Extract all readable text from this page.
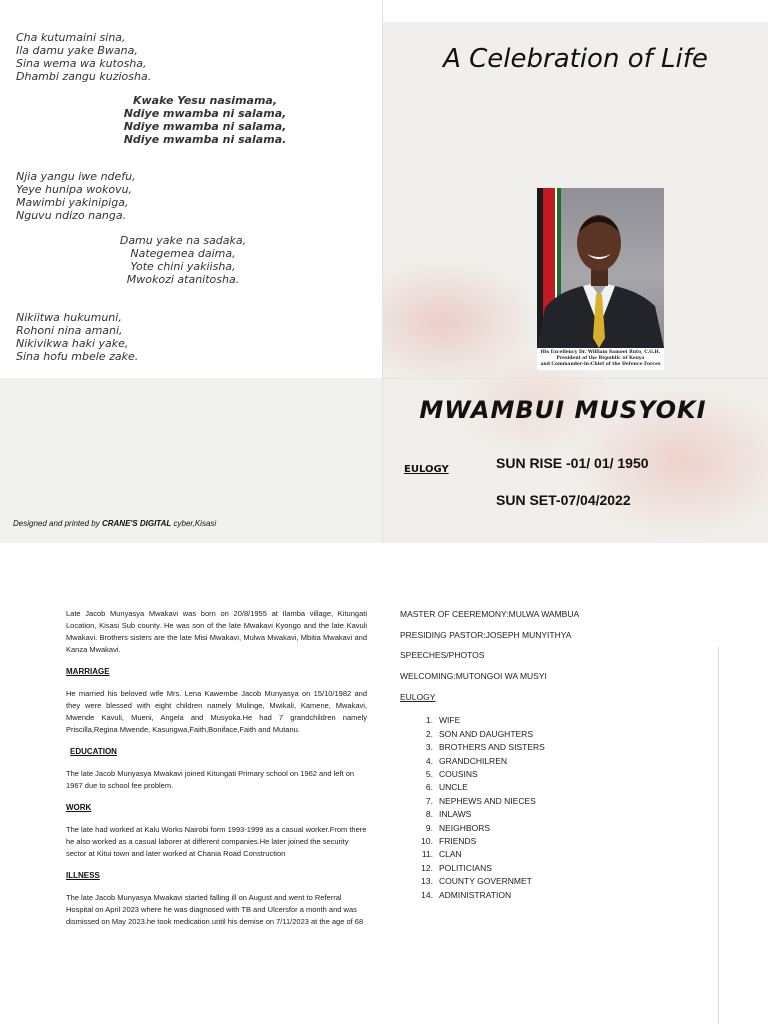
Cha kutumaini sina,
Ila damu yake Bwana,
Sina wema wa kutosha,
Dhambi zangu kuziosha.
Kwake Yesu nasimama,
Ndiye mwamba ni salama,
Ndiye mwamba ni salama,
Ndiye mwamba ni salama.
Njia yangu iwe ndefu,
Yeye hunipa wokovu,
Mawimbi yakinipiga,
Nguvu ndizo nanga.
Damu yake na sadaka,
Nategemea daima,
Yote chini yakiisha,
Mwokozi atanitosha.
Nikiitwa hukumuni,
Rohoni nina amani,
Nikivikwa haki yake,
Sina hofu mbele zake.
Designed and printed by CRANE'S DIGITAL cyber,Kisasi
A Celebration of Life
His Excellency Dr. William Samoei Ruto, C.G.H.
President of the Republic of Kenya
and Commander-in-Chief of the Defence Forces
MWAMBUI MUSYOKI
EULOGY	SUN RISE -01/ 01/ 1950
SUN SET-07/04/2022

Late Jacob Munyasya Mwakavi was born on 20/8/1955 at Ilamba village, Kitungati Location, Kisasi Sub county. He was son of the late Mwakavi Kyongo and the late Kavuli Mwakavi. Brothers sisters are the late Misi Mwakavi, Mulwa Mwakavi, Mbitia Mwakavi and Kanza Mwakavi.

MARRIAGE

He married his beloved wife Mrs. Lena Kawembe Jacob Munyasya on 15/10/1982 and they were blessed with eight children namely Mulinge, Mwikali, Kamene, Mwakavi, Mwende Kavuli, Mueni, Angela and Musyoka.He had 7 grandchildren namely Priscilla,Regina Mwende, Kasungwa,Faith,Boniface,Faith and Mutanu.

EDUCATION

The late Jacob Munyasya Mwakavi joined Kitungati Primary school on 1962 and left on 1967 due to school fee problem.

WORK

The late had worked at Kalu Works Nairobi form 1993-1999 as a casual worker.From there he also worked as a casual laborer at different companies.He later joined the security sector at Kitui town and later worked at Chania Road Construction

ILLNESS

The late Jacob Munyasya Mwakavi started falling ill on August and went to Referral Hospital on April 2023 where he was diagnosed with TB and Ulcersfor a month and was dismissed on May 2023.he took medication until his demise on 7/11/2023 at the age of 68

MASTER OF CEEREMONY:MULWA WAMBUA
PRESIDING PASTOR:JOSEPH MUNYITHYA
SPEECHES/PHOTOS
WELCOMING:MUTONGOI WA MUSYI
EULOGY
1. WIFE
2. SON AND DAUGHTERS
3. BROTHERS AND SISTERS
4. GRANDCHILREN
5. COUSINS
6. UNCLE
7. NEPHEWS AND NIECES
8. INLAWS
9. NEIGHBORS
10. FRIENDS
11. CLAN
12. POLITICIANS
13. COUNTY GOVERNMET
14. ADMINISTRATION
